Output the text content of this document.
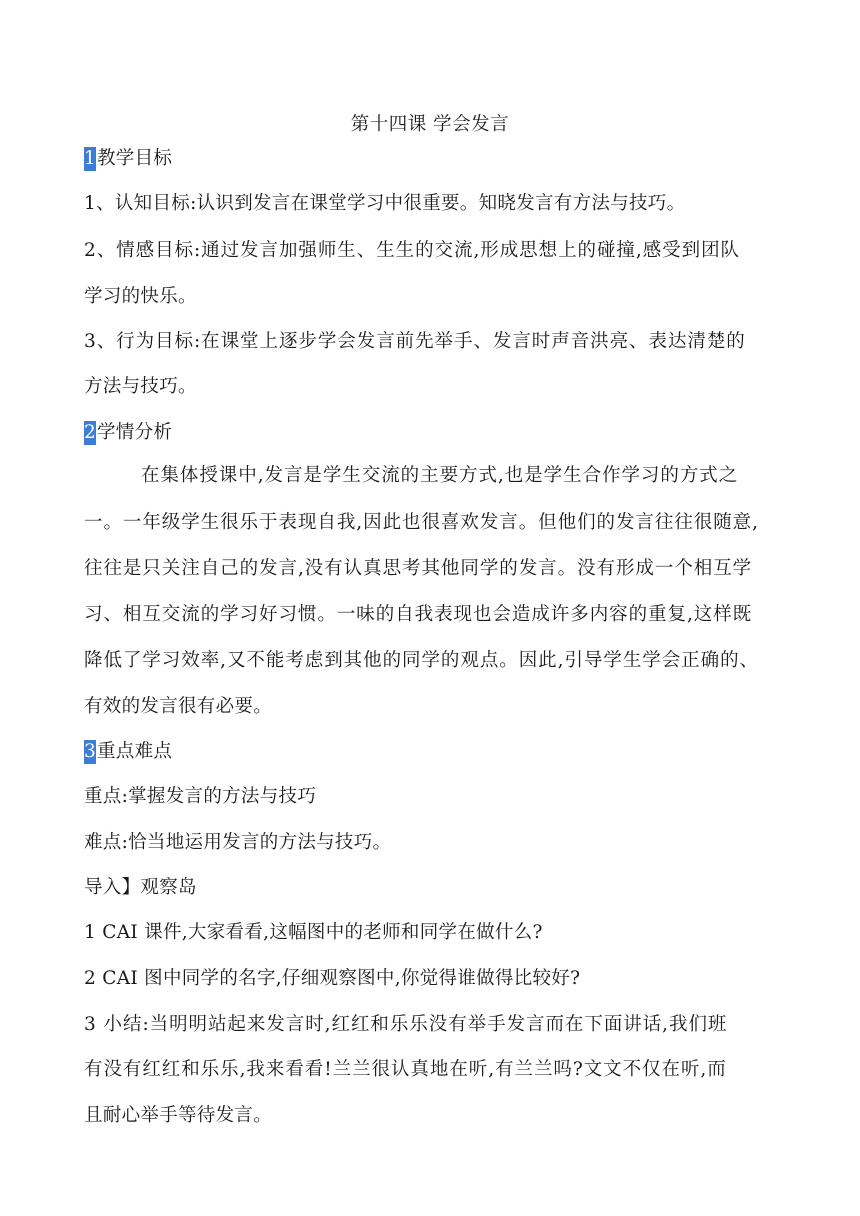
第十四课 学会发言
1教学目标
1、认知目标:认识到发言在课堂学习中很重要。知晓发言有方法与技巧。
2、情感目标:通过发言加强师生、生生的交流,形成思想上的碰撞,感受到团队
学习的快乐。
3、行为目标:在课堂上逐步学会发言前先举手、发言时声音洪亮、表达清楚的
方法与技巧。
2学情分析
在集体授课中,发言是学生交流的主要方式,也是学生合作学习的方式之
一。一年级学生很乐于表现自我,因此也很喜欢发言。但他们的发言往往很随意,
往往是只关注自己的发言,没有认真思考其他同学的发言。没有形成一个相互学
习、相互交流的学习好习惯。一味的自我表现也会造成许多内容的重复,这样既
降低了学习效率,又不能考虑到其他的同学的观点。因此,引导学生学会正确的、
有效的发言很有必要。
3重点难点
重点:掌握发言的方法与技巧
难点:恰当地运用发言的方法与技巧。
导入】观察岛
1 CAI 课件,大家看看,这幅图中的老师和同学在做什么?
2 CAI 图中同学的名字,仔细观察图中,你觉得谁做得比较好?
3 小结:当明明站起来发言时,红红和乐乐没有举手发言而在下面讲话,我们班
有没有红红和乐乐,我来看看!兰兰很认真地在听,有兰兰吗?文文不仅在听,而
且耐心举手等待发言。
